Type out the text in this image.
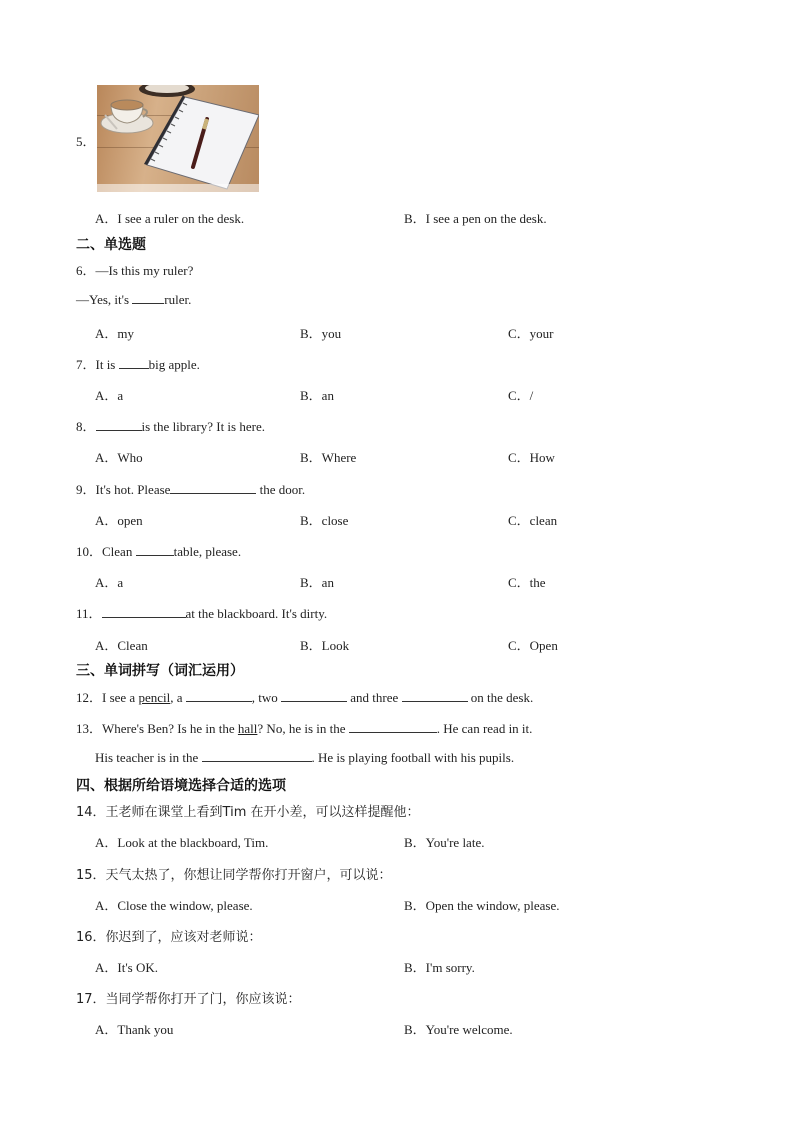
5．
A．I see a ruler on the desk.	B．I see a pen on the desk.
二、单选题
6．—Is this my ruler?
—Yes, it's ruler.
A．my	B．you	C．your
7．It is big apple.
A．a	B．an	C．/
8．	is the library? It is here.
A．Who	B．Where	C．How
9．It's hot. Please	the door.
A．open	B．close	C．clean
10．Clean	table, please.
A．a	B．an	C．the
11．	at the blackboard. It's dirty.
A．Clean	B．Look	C．Open
三、单词拼写（词汇运用）
12．I see a pencil, a	, two	and three	on the desk.
13．Where's Ben? Is he in the hall? No, he is in the	. He can read in it.
His teacher is in the	. He is playing football with his pupils.
四、根据所给语境选择合适的选项
14．王老师在课堂上看到Tim 在开小差，可以这样提醒他：
A．Look at the blackboard, Tim.	B．You're late.
15．天气太热了，你想让同学帮你打开窗户，可以说：
A．Close the window, please.	B．Open the window, please.
16．你迟到了，应该对老师说：
A．It's OK.	B．I'm sorry.
17．当同学帮你打开了门，你应该说：
A．Thank you	B．You're welcome.
